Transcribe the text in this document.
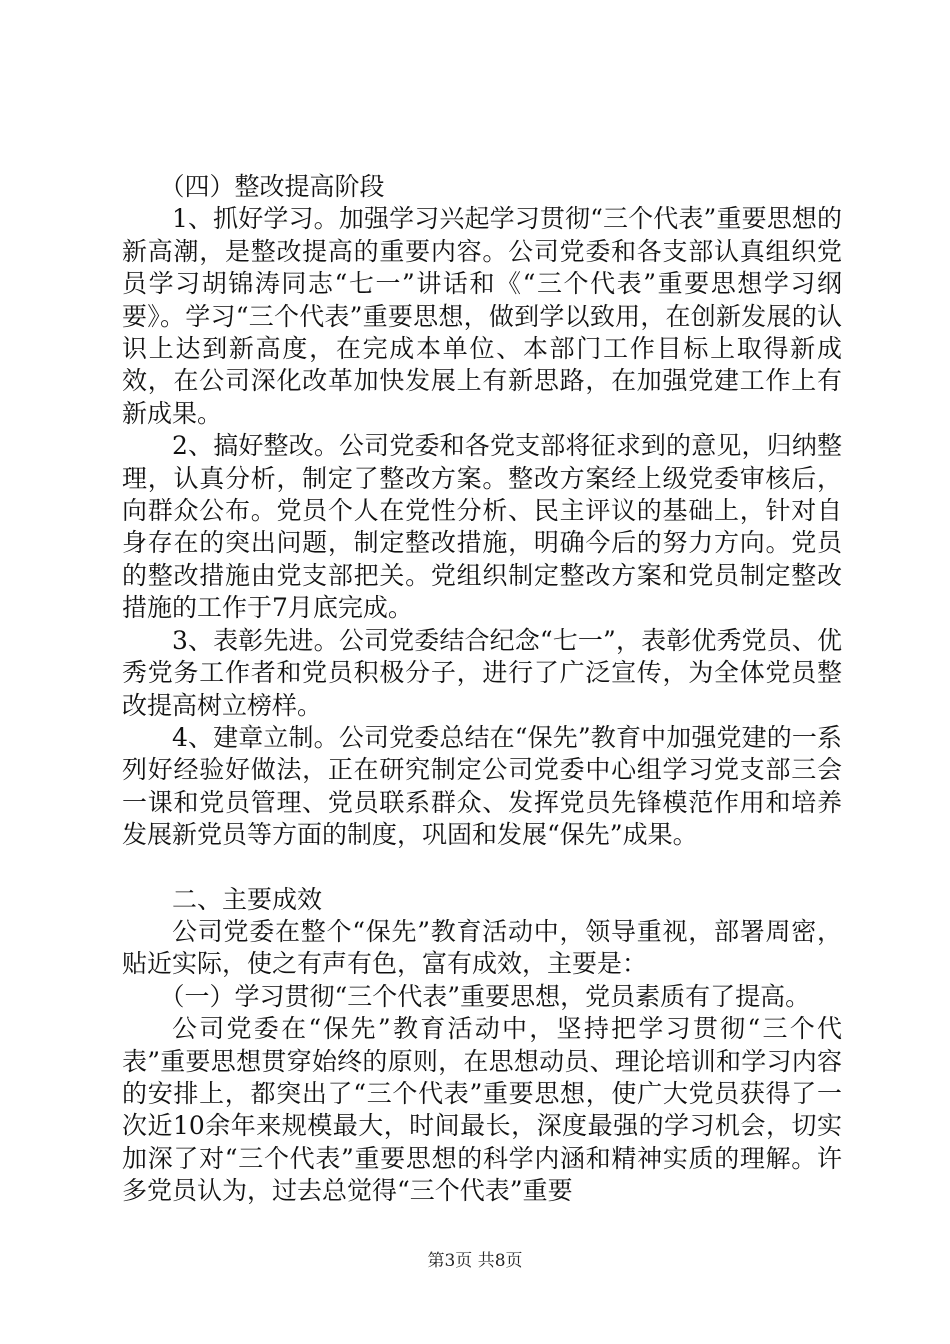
（四）整改提高阶段

1、抓好学习。加强学习兴起学习贯彻“三个代表”重要思想的新高潮，是整改提高的重要内容。公司党委和各支部认真组织党员学习胡锦涛同志“七一”讲话和《“三个代表”重要思想学习纲要》。学习“三个代表”重要思想，做到学以致用，在创新发展的认识上达到新高度，在完成本单位、本部门工作目标上取得新成效，在公司深化改革加快发展上有新思路，在加强党建工作上有新成果。

2、搞好整改。公司党委和各党支部将征求到的意见，归纳整理，认真分析，制定了整改方案。整改方案经上级党委审核后，向群众公布。党员个人在党性分析、民主评议的基础上，针对自身存在的突出问题，制定整改措施，明确今后的努力方向。党员的整改措施由党支部把关。党组织制定整改方案和党员制定整改措施的工作于7月底完成。

3、表彰先进。公司党委结合纪念“七一”，表彰优秀党员、优秀党务工作者和党员积极分子，进行了广泛宣传，为全体党员整改提高树立榜样。

4、建章立制。公司党委总结在“保先”教育中加强党建的一系列好经验好做法，正在研究制定公司党委中心组学习党支部三会一课和党员管理、党员联系群众、发挥党员先锋模范作用和培养发展新党员等方面的制度，巩固和发展“保先”成果。

二、主要成效

公司党委在整个“保先”教育活动中，领导重视，部署周密，贴近实际，使之有声有色，富有成效，主要是：

（一）学习贯彻“三个代表”重要思想，党员素质有了提高。

公司党委在“保先”教育活动中，坚持把学习贯彻“三个代表”重要思想贯穿始终的原则，在思想动员、理论培训和学习内容的安排上，都突出了“三个代表”重要思想，使广大党员获得了一次近10余年来规模最大，时间最长，深度最强的学习机会，切实加深了对“三个代表”重要思想的科学内涵和精神实质的理解。许多党员认为，过去总觉得“三个代表”重要

第3页 共8页
